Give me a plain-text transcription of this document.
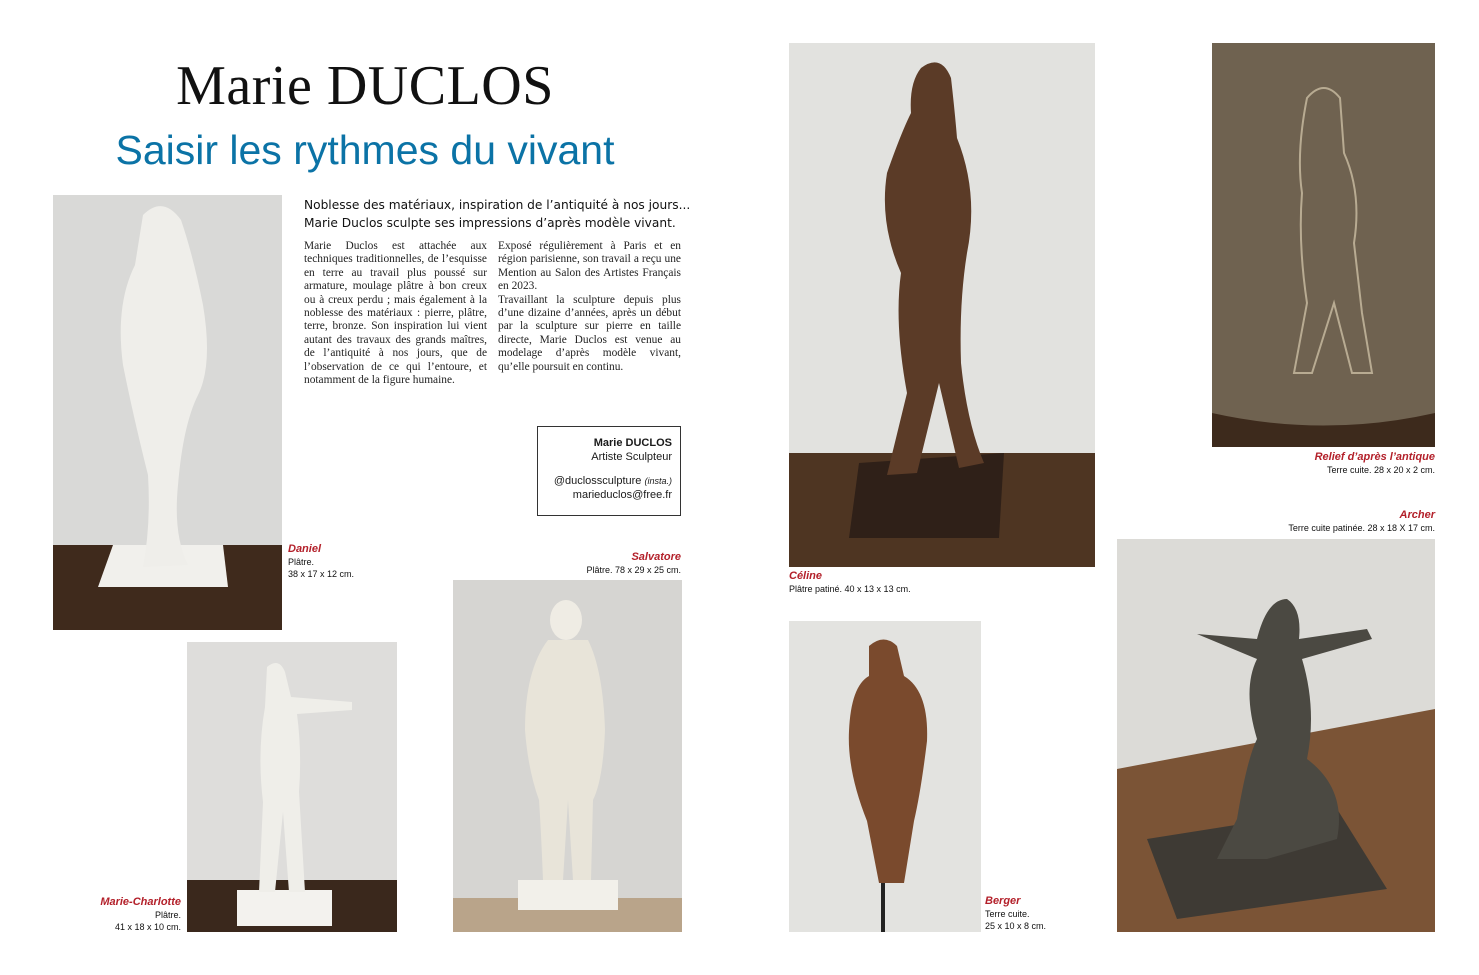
Marie DUCLOS
Saisir les rythmes du vivant
Noblesse des matériaux, inspiration de l’antiquité à nos jours...
Marie Duclos sculpte ses impressions d’après modèle vivant.

Marie Duclos est attachée aux techniques traditionnelles, de l’esquisse en terre au travail plus poussé sur armature, moulage plâtre à bon creux ou à creux perdu ; mais également à la noblesse des matériaux : pierre, plâtre, terre, bronze. Son inspiration lui vient autant des travaux des grands maîtres, de l’antiquité à nos jours, que de l’observation de ce qui l’entoure, et notamment de la figure humaine.

Exposé régulièrement à Paris et en région parisienne, son travail a reçu une Mention au Salon des Artistes Français en 2023.

Travaillant la sculpture depuis plus d’une dizaine d’années, après un début par la sculpture sur pierre en taille directe, Marie Duclos est venue au modelage d’après modèle vivant, qu’elle poursuit en continu.

Marie DUCLOS
Artiste Sculpteur
@duclossculpture (insta.)
marieduclos@free.fr
Daniel
Plâtre.
38 x 17 x 12 cm.
Salvatore
Plâtre. 78 x 29 x 25 cm.
Marie-Charlotte
Plâtre.
41 x 18 x 10 cm.
Céline
Plâtre patiné. 40 x 13 x 13 cm.
Relief d’après l’antique
Terre cuite. 28 x 20 x 2 cm.
Archer
Terre cuite patinée. 28 x 18 X 17 cm.
Berger
Terre cuite.
25 x 10 x 8 cm.
